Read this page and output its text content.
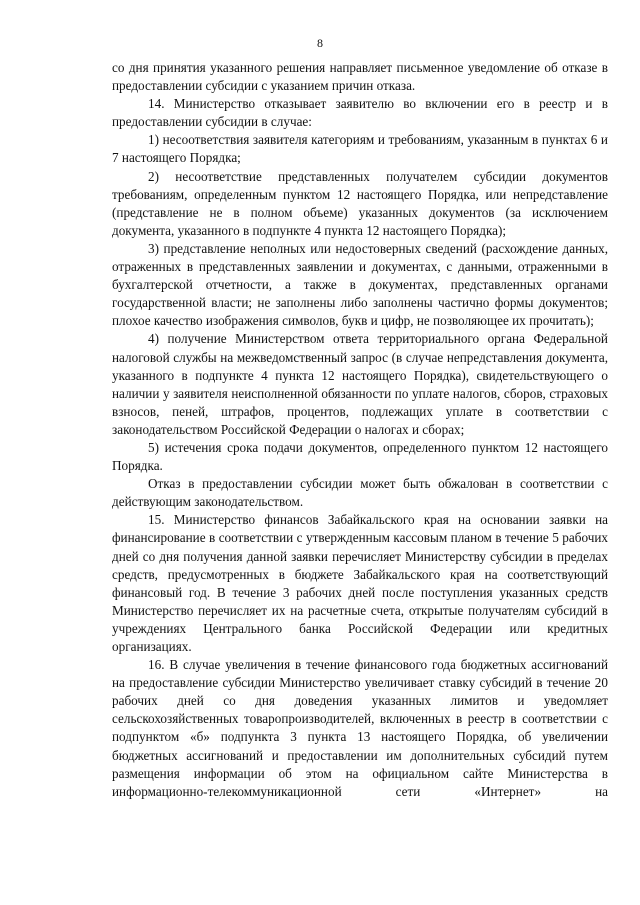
8

со дня принятия указанного решения направляет письменное уведомление об отказе в предоставлении субсидии с указанием причин отказа.

14. Министерство отказывает заявителю во включении его в реестр и в предоставлении субсидии в случае:

1) несоответствия заявителя категориям и требованиям, указанным в пунктах 6 и 7 настоящего Порядка;

2) несоответствие представленных получателем субсидии документов требованиям, определенным пунктом 12 настоящего Порядка, или непредставление (представление не в полном объеме) указанных документов (за исключением документа, указанного в подпункте 4 пункта 12 настоящего Порядка);

3) представление неполных или недостоверных сведений (расхождение данных, отраженных в представленных заявлении и документах, с данными, отраженными в бухгалтерской отчетности, а также в документах, представленных органами государственной власти; не заполнены либо заполнены частично формы документов; плохое качество изображения символов, букв и цифр, не позволяющее их прочитать);

4) получение Министерством ответа территориального органа Федеральной налоговой службы на межведомственный запрос (в случае непредставления документа, указанного в подпункте 4 пункта 12 настоящего Порядка), свидетельствующего о наличии у заявителя неисполненной обязанности по уплате налогов, сборов, страховых взносов, пеней, штрафов, процентов, подлежащих уплате в соответствии с законодательством Российской Федерации о налогах и сборах;

5) истечения срока подачи документов, определенного пунктом 12 настоящего Порядка.

Отказ в предоставлении субсидии может быть обжалован в соответствии с действующим законодательством.

15. Министерство финансов Забайкальского края на основании заявки на финансирование в соответствии с утвержденным кассовым планом в течение 5 рабочих дней со дня получения данной заявки перечисляет Министерству субсидии в пределах средств, предусмотренных в бюджете Забайкальского края на соответствующий финансовый год. В течение 3 рабочих дней после поступления указанных средств Министерство перечисляет их на расчетные счета, открытые получателям субсидий в учреждениях Центрального банка Российской Федерации или кредитных организациях.

16. В случае увеличения в течение финансового года бюджетных ассигнований на предоставление субсидии Министерство увеличивает ставку субсидий в течение 20 рабочих дней со дня доведения указанных лимитов и уведомляет сельскохозяйственных товаропроизводителей, включенных в реестр в соответствии с подпунктом «б» подпункта 3 пункта 13 настоящего Порядка, об увеличении бюджетных ассигнований и предоставлении им дополнительных субсидий путем размещения информации об этом на официальном сайте Министерства в информационно-телекоммуникационной сети «Интернет» на
